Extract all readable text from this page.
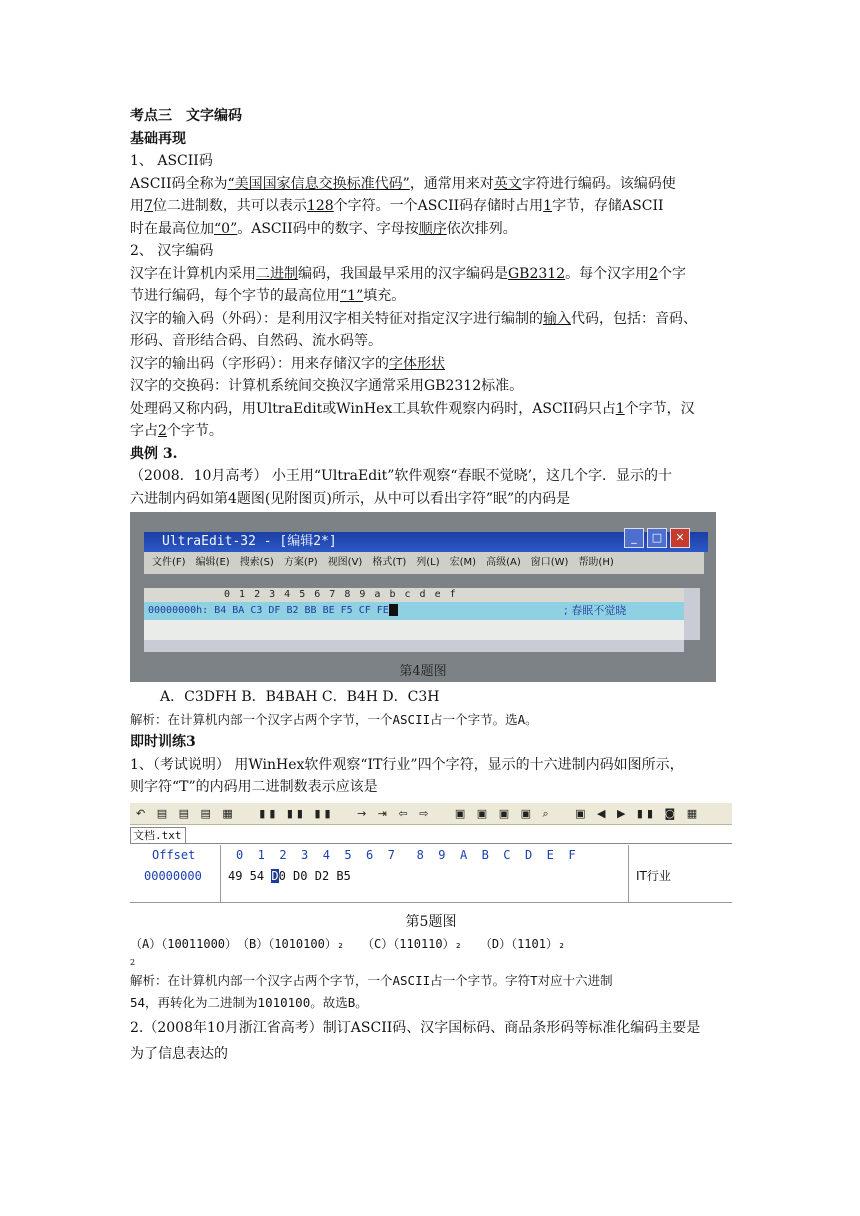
考点三　文字编码
基础再现
1、 ASCII码
ASCII码全称为“美国国家信息交换标准代码”，通常用来对英文字符进行编码。该编码使
用7位二进制数，共可以表示128个字符。一个ASCII码存储时占用1字节，存储ASCII
时在最高位加“0”。ASCII码中的数字、字母按顺序依次排列。
2、 汉字编码
汉字在计算机内采用二进制编码，我国最早采用的汉字编码是GB2312。每个汉字用2个字
节进行编码，每个字节的最高位用“1”填充。
汉字的输入码（外码）：是利用汉字相关特征对指定汉字进行编制的输入代码，包括：音码、
形码、音形结合码、自然码、流水码等。
汉字的输出码（字形码）：用来存储汉字的字体形状
汉字的交换码：计算机系统间交换汉字通常采用GB2312标准。
处理码又称内码，用UltraEdit或WinHex工具软件观察内码时，ASCII码只占1个字节，汉
字占2个字节。
典例 3.
（2008．10月高考） 小王用“UltraEdit”软件观察“春眠不觉晓’，这几个字．显示的十
六进制内码如第4题图(见附图页)所示，从中可以看出字符”眠”的内码是
UltraEdit-32 - [编辑2*]	_	□	✕
文件(F) 编辑(E) 搜索(S) 方案(P) 视图(V) 格式(T) 列(L) 宏(M) 高级(A) 窗口(W) 帮助(H)
0 1 2 3 4 5 6 7 8 9 a b c d e f
00000000h: B4 BA C3 DF B2 BB BE F5 CF FE	; 春眠不觉晓
第4题图
A．C3DFH B．B4BAH C．B4H D．C3H
解析：在计算机内部一个汉字占两个字节，一个ASCII占一个字节。选A。
即时训练3
1、（考试说明） 用WinHex软件观察“IT行业”四个字符，显示的十六进制内码如图所示，
则字符“T”的内码用二进制数表示应该是
↶ ▤ ▤ ▤ ▦   ▮▮ ▮▮ ▮▮   → ⇥ ⇦ ⇨   ▣ ▣ ▣ ▣ ⌕   ▣ ◀ ▶ ▮▮ ◙ ▦
文档.txt
Offset	0  1  2  3  4  5  6  7   8  9  A  B  C  D  E  F
00000000 49 54 D0 D0 D2 B5	IT行业
第5题图
（A）（10011000）　（B）（1010100）₂　　（C）（110110）₂　　（D）（1101）₂
2
解析：在计算机内部一个汉字占两个字节，一个ASCII占一个字节。字符T对应十六进制
54，再转化为二进制为1010100。故选B。
2.（2008年10月浙江省高考）制订ASCII码、汉字国标码、商品条形码等标准化编码主要是
为了信息表达的
